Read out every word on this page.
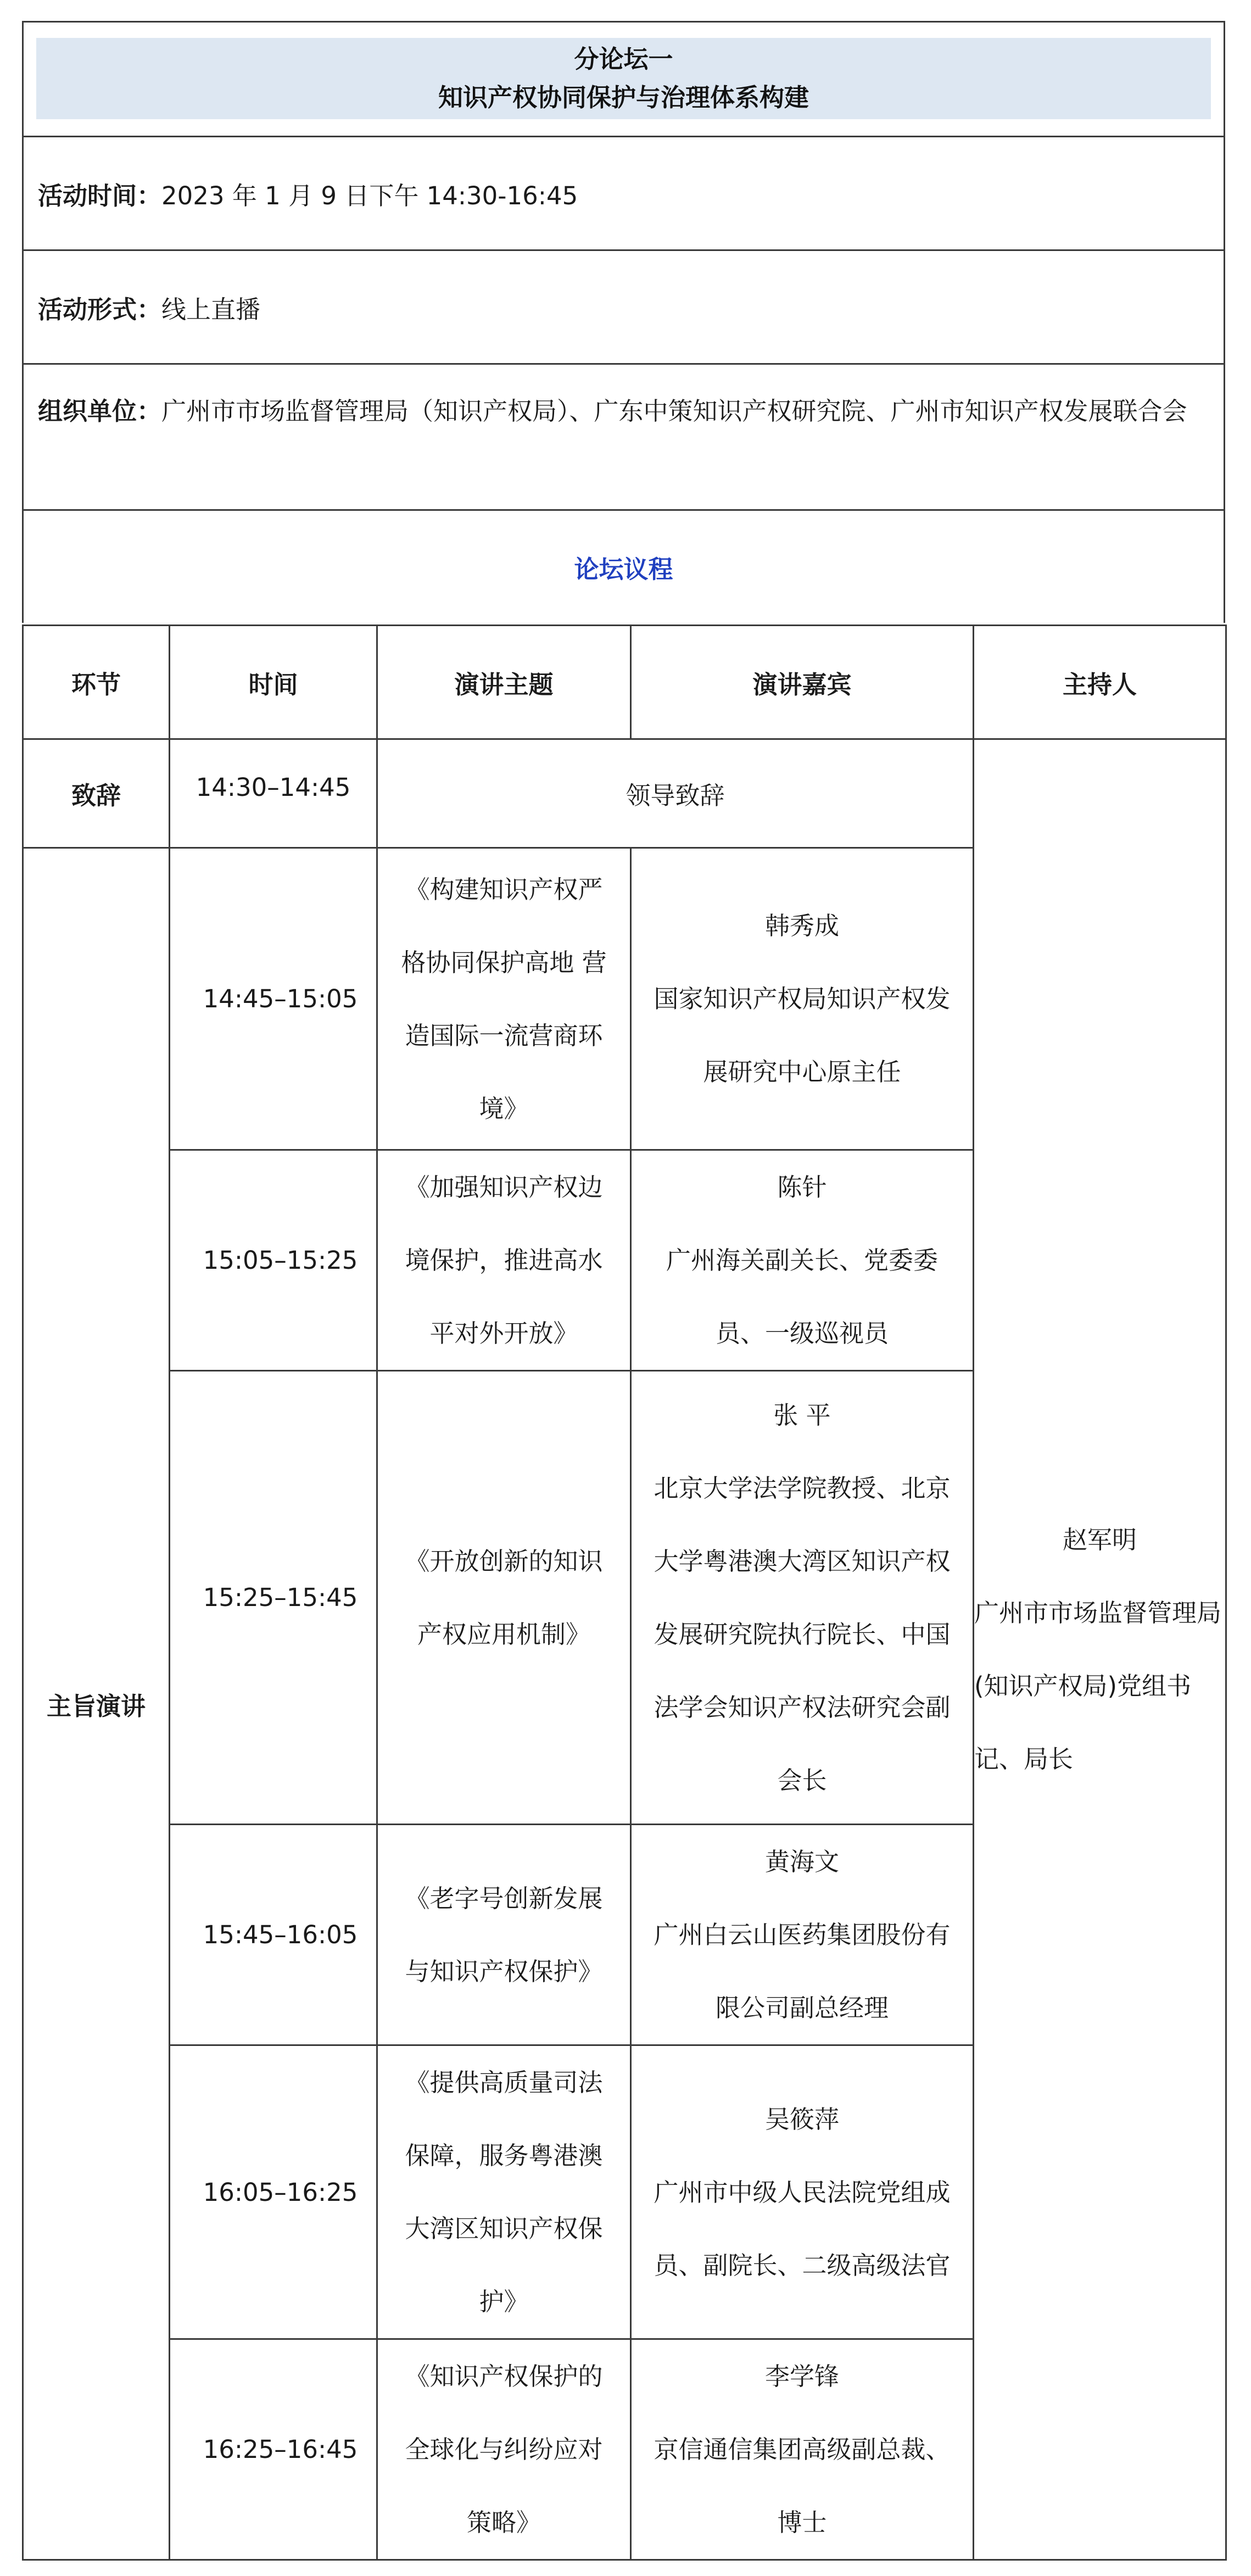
分论坛一
知识产权协同保护与治理体系构建
活动时间： 2023 年 1 月 9 日下午 14:30-16:45
活动形式： 线上直播
组织单位：广州市市场监督管理局（知识产权局）、广东中策知识产权研究院、广州市知识产权发展联合会
论坛议程
环节	时间	演讲主题	演讲嘉宾	主持人
致辞	14:30–14:45	领导致辞		赵军明
广州市市场监督管理局(知识产权局)党组书记、局长

主旨演讲	14:45–15:05	《构建知识产权严格协同保护高地 营造国际一流营商环境》	韩秀成
国家知识产权局知识产权发展研究中心原主任	

	15:05–15:25	《加强知识产权边境保护，推进高水平对外开放》	陈针
广州海关副关长、党委委员、一级巡视员	

	15:25–15:45	《开放创新的知识产权应用机制》	张 平
北京大学法学院教授、北京大学粤港澳大湾区知识产权发展研究院执行院长、中国法学会知识产权法研究会副会长	

	15:45–16:05	《老字号创新发展与知识产权保护》	黄海文
广州白云山医药集团股份有限公司副总经理	

	16:05–16:25	《提供高质量司法保障，服务粤港澳大湾区知识产权保护》	吴筱萍
广州市中级人民法院党组成员、副院长、二级高级法官	

	16:25–16:45	《知识产权保护的全球化与纠纷应对策略》	李学锋
京信通信集团高级副总裁、博士	
